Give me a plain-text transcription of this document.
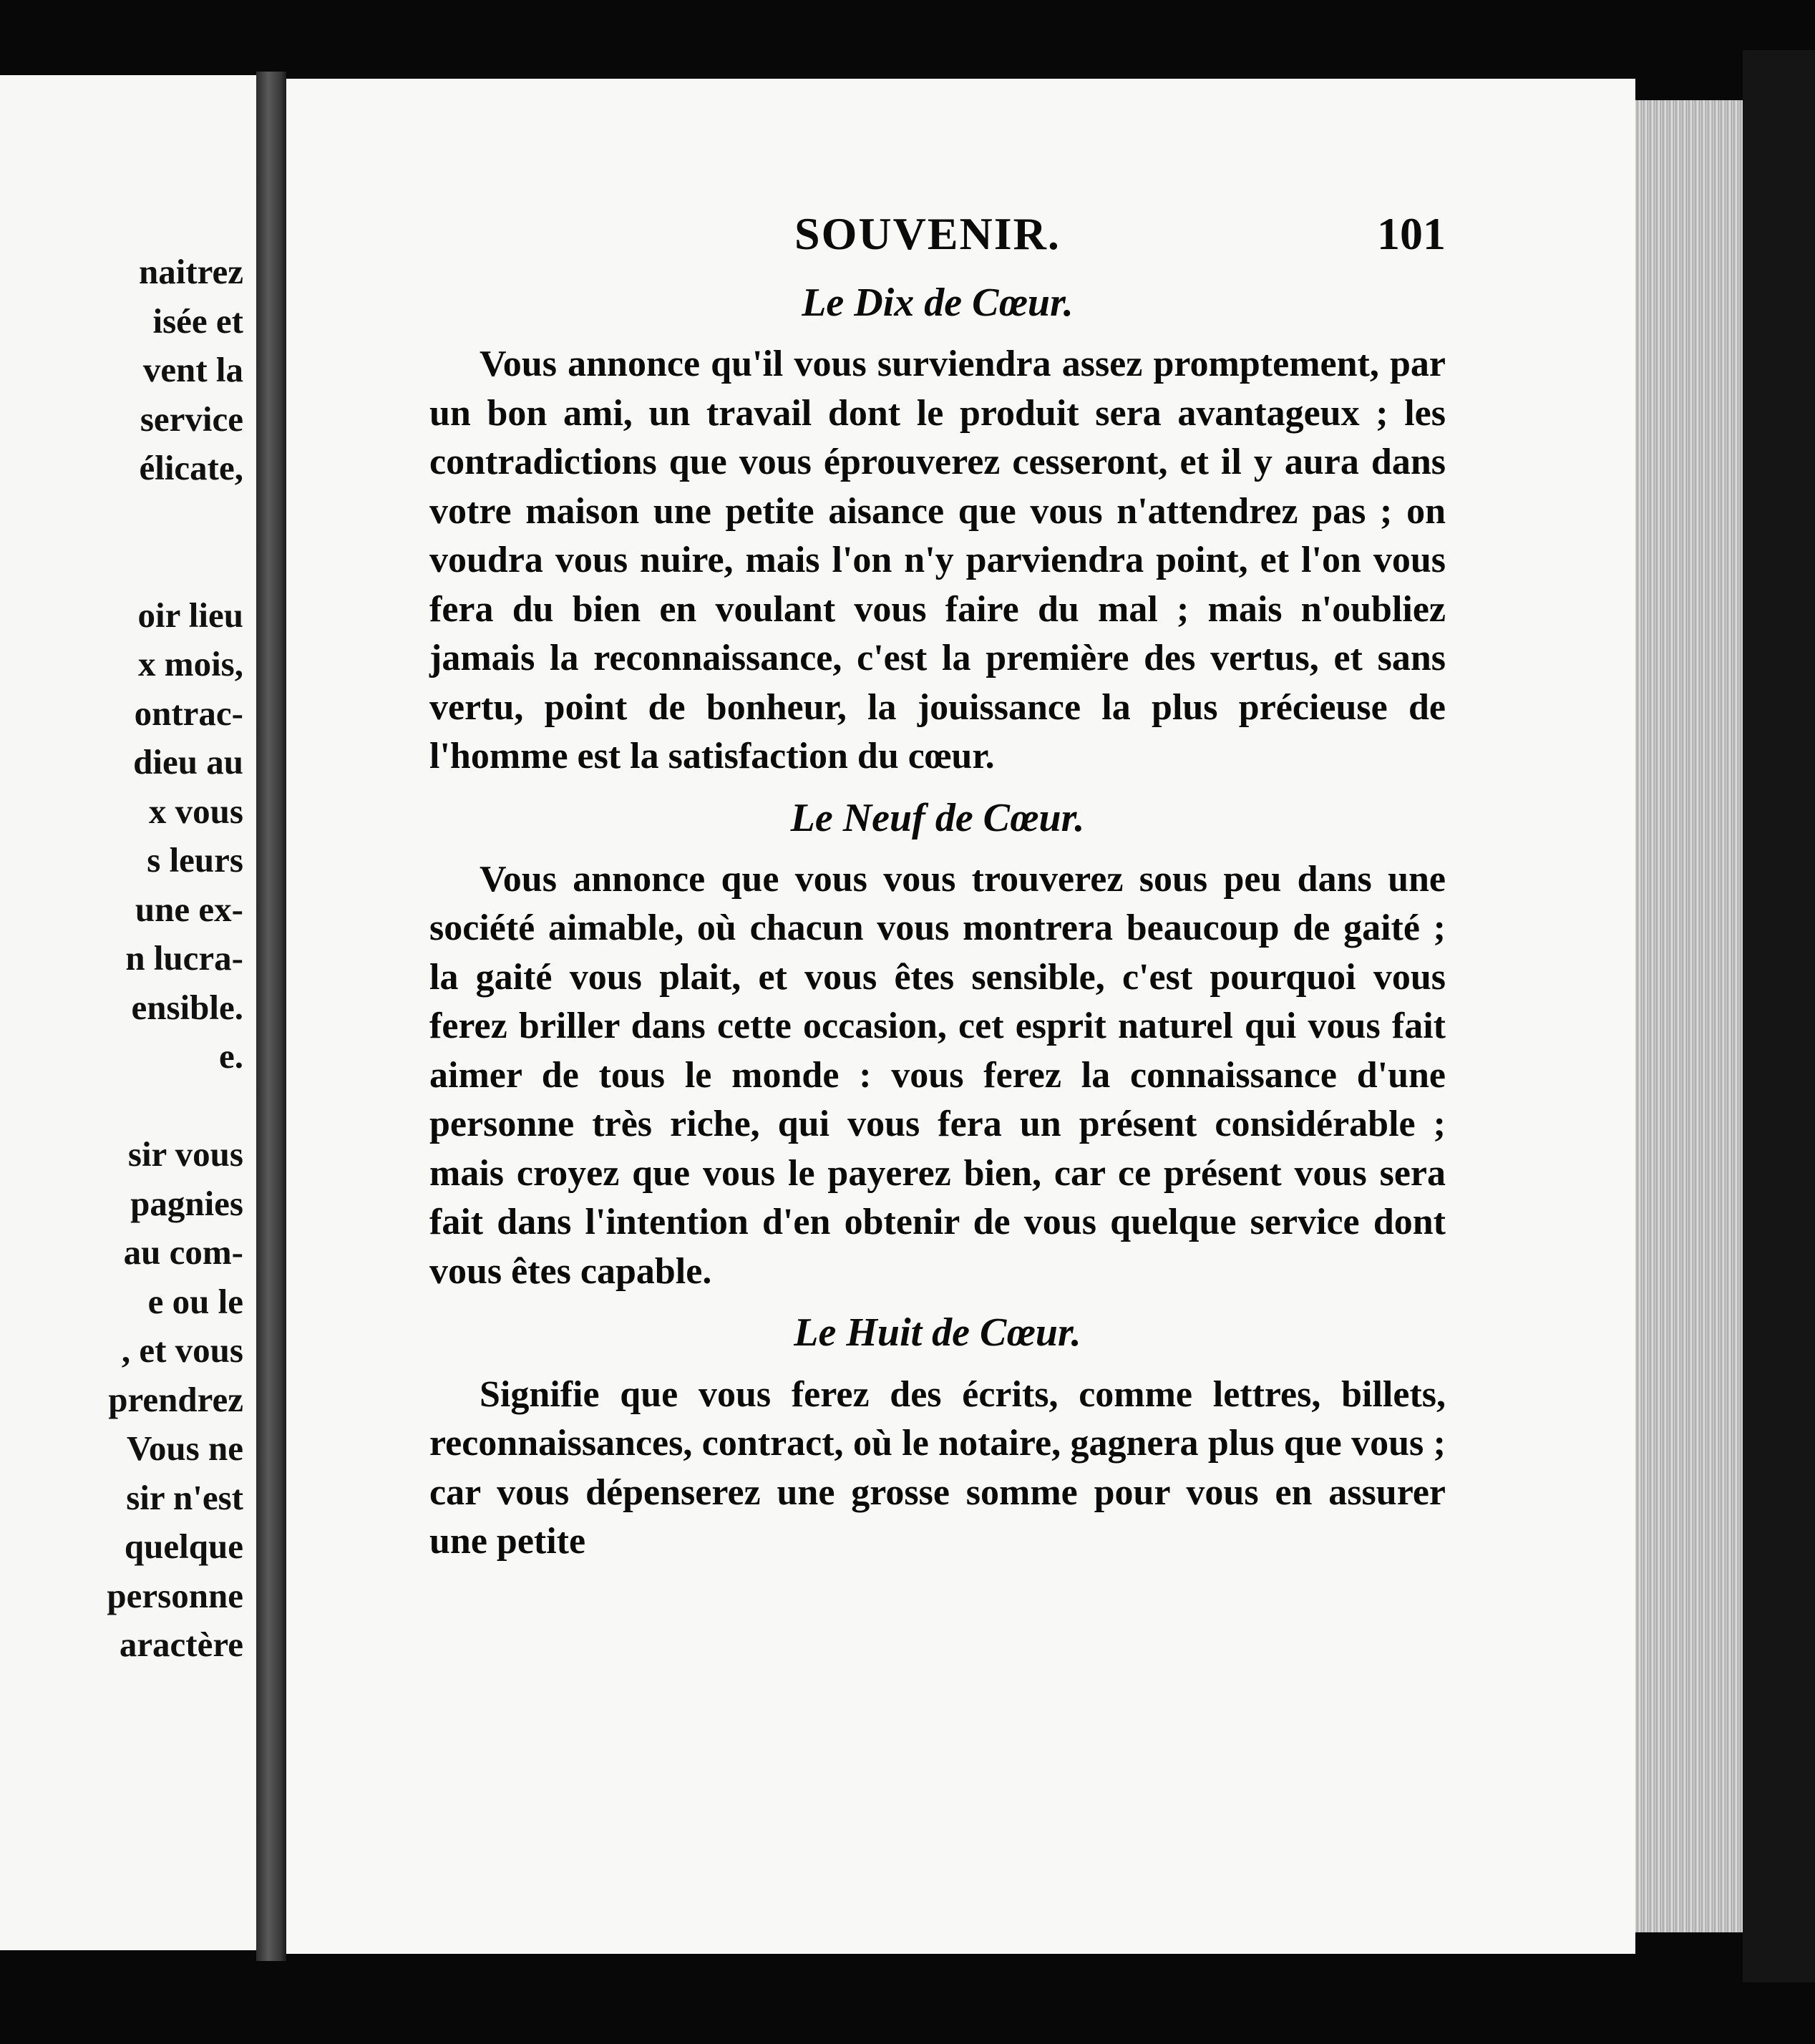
naitrez
isée et
vent la
service
élicate,
oir lieu
x mois,
ontrac-
dieu au
x vous
s leurs
une ex-
n lucra-
ensible.
e.
sir vous
pagnies
au com-
e ou le
, et vous
prendrez
Vous ne
sir n'est
quelque
personne
aractère
SOUVENIR.	101
Le Dix de Cœur.

Vous annonce qu'il vous surviendra assez promptement, par un bon ami, un travail dont le produit sera avantageux ; les contradictions que vous éprouverez cesseront, et il y aura dans votre maison une petite aisance que vous n'attendrez pas ; on voudra vous nuire, mais l'on n'y parviendra point, et l'on vous fera du bien en voulant vous faire du mal ; mais n'oubliez jamais la reconnaissance, c'est la première des vertus, et sans vertu, point de bonheur, la jouissance la plus précieuse de l'homme est la satisfaction du cœur.

Le Neuf de Cœur.

Vous annonce que vous vous trouverez sous peu dans une société aimable, où chacun vous montrera beaucoup de gaité ; la gaité vous plait, et vous êtes sensible, c'est pourquoi vous ferez briller dans cette occasion, cet esprit naturel qui vous fait aimer de tous le monde : vous ferez la connaissance d'une personne très riche, qui vous fera un présent considérable ; mais croyez que vous le payerez bien, car ce présent vous sera fait dans l'intention d'en obtenir de vous quelque service dont vous êtes capable.

Le Huit de Cœur.

Signifie que vous ferez des écrits, comme lettres, billets, reconnaissances, contract, où le notaire, gagnera plus que vous ; car vous dépenserez une grosse somme pour vous en assurer une petite
